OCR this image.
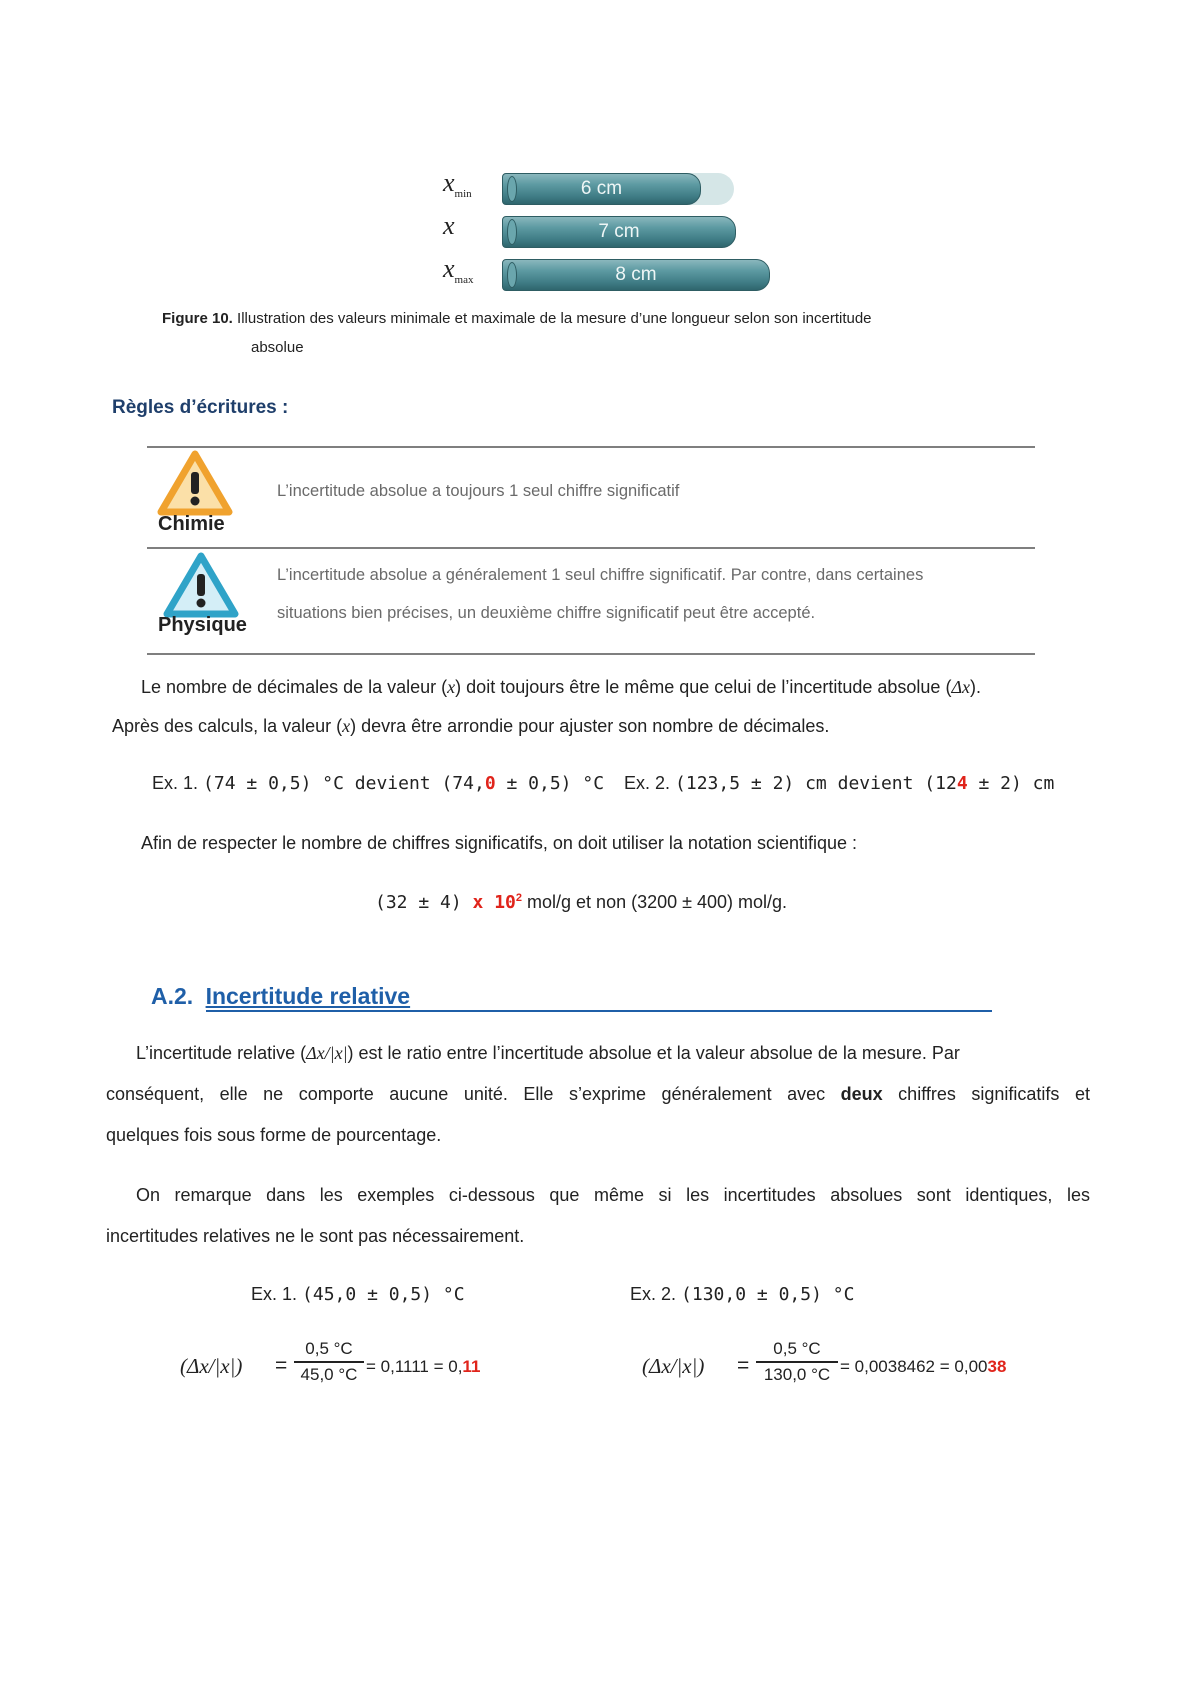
$x_{min}$	6 cm
x	7 cm
$x_{max}$	8 cm
Figure 10. Illustration des valeurs minimale et maximale de la mesure d’une longueur selon son incertitude
absolue
Règles d’écritures :
Chimie
L’incertitude absolue a toujours 1 seul chiffre significatif
Physique
L’incertitude absolue a généralement 1 seul chiffre significatif. Par contre, dans certaines
situations bien précises, un deuxième chiffre significatif peut être accepté.
Le nombre de décimales de la valeur (x) doit toujours être le même que celui de l’incertitude absolue (Δx).
Après des calculs, la valeur (x) devra être arrondie pour ajuster son nombre de décimales.
Ex. 1. (74 ± 0,5) °C devient (74,0 ± 0,5) °C Ex. 2. (123,5 ± 2) cm devient (124 ± 2) cm
Afin de respecter le nombre de chiffres significatifs, on doit utiliser la notation scientifique :
(32 ± 4) x $10^2$ mol/g et non (3200 ± 400) mol/g.
A.2. Incertitude relative
L’incertitude relative (Δx/|x|) est le ratio entre l’incertitude absolue et la valeur absolue de la mesure. Par
conséquent, elle ne comporte aucune unité. Elle s’exprime généralement avec deux chiffres significatifs et
quelques fois sous forme de pourcentage.
On remarque dans les exemples ci-dessous que même si les incertitudes absolues sont identiques, les
incertitudes relatives ne le sont pas nécessairement.
Ex. 1. (45,0 ± 0,5) °C	Ex. 2. (130,0 ± 0,5) °C
(Δx/|x|) =
0,5 °C
45,0 °C = 0,1111 = 0,11	(Δx/|x|) =
0,5 °C
130,0 °C = 0,0038462 = 0,0038
